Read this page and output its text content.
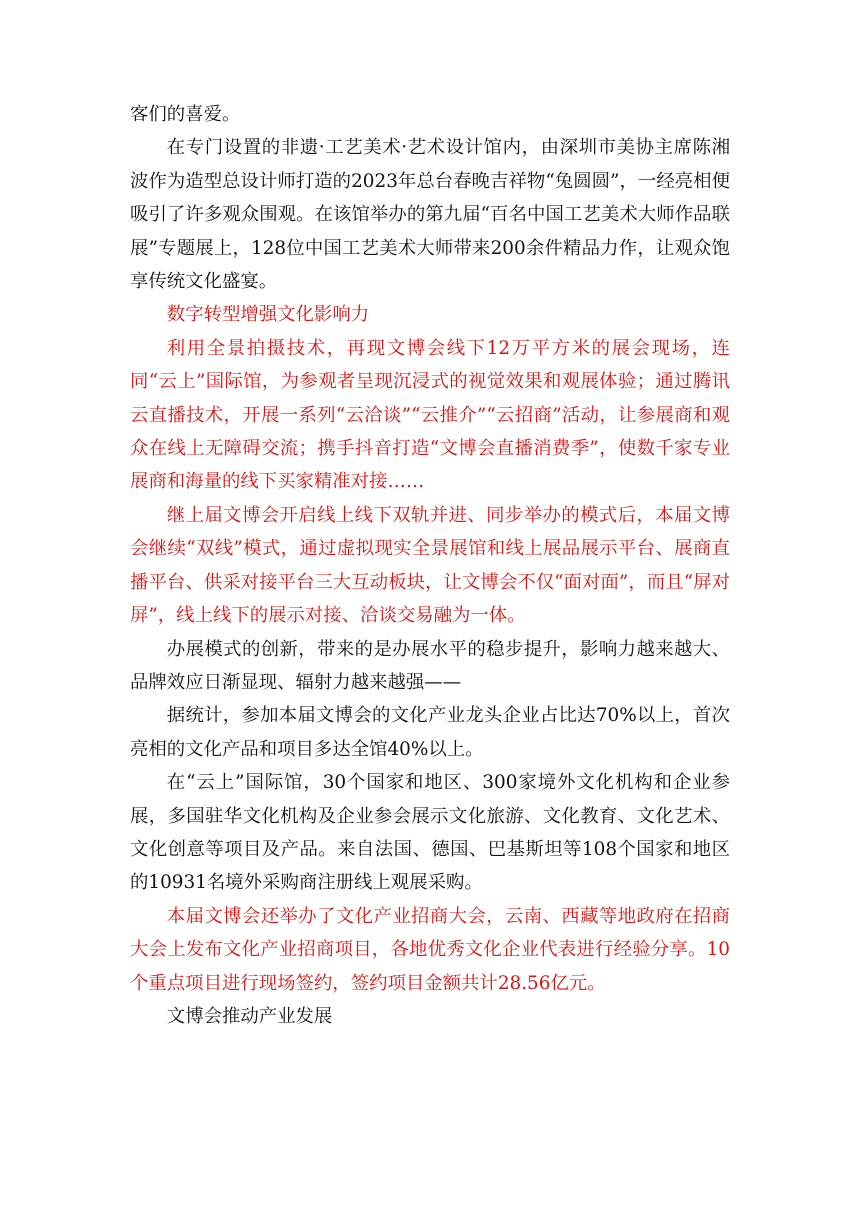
客们的喜爱。

在专门设置的非遗·工艺美术·艺术设计馆内，由深圳市美协主席陈湘波作为造型总设计师打造的2023年总台春晚吉祥物“兔圆圆”，一经亮相便吸引了许多观众围观。在该馆举办的第九届“百名中国工艺美术大师作品联展”专题展上，128位中国工艺美术大师带来200余件精品力作，让观众饱享传统文化盛宴。

数字转型增强文化影响力

利用全景拍摄技术，再现文博会线下12万平方米的展会现场，连同“云上”国际馆，为参观者呈现沉浸式的视觉效果和观展体验；通过腾讯云直播技术，开展一系列“云洽谈”“云推介”“云招商”活动，让参展商和观众在线上无障碍交流；携手抖音打造“文博会直播消费季”，使数千家专业展商和海量的线下买家精准对接……

继上届文博会开启线上线下双轨并进、同步举办的模式后，本届文博会继续“双线”模式，通过虚拟现实全景展馆和线上展品展示平台、展商直播平台、供采对接平台三大互动板块，让文博会不仅“面对面”，而且“屏对屏”，线上线下的展示对接、洽谈交易融为一体。

办展模式的创新，带来的是办展水平的稳步提升，影响力越来越大、品牌效应日渐显现、辐射力越来越强——

据统计，参加本届文博会的文化产业龙头企业占比达70%以上，首次亮相的文化产品和项目多达全馆40%以上。

在“云上”国际馆，30个国家和地区、300家境外文化机构和企业参展，多国驻华文化机构及企业参会展示文化旅游、文化教育、文化艺术、文化创意等项目及产品。来自法国、德国、巴基斯坦等108个国家和地区的10931名境外采购商注册线上观展采购。

本届文博会还举办了文化产业招商大会，云南、西藏等地政府在招商大会上发布文化产业招商项目，各地优秀文化企业代表进行经验分享。10个重点项目进行现场签约，签约项目金额共计28.56亿元。

文博会推动产业发展
